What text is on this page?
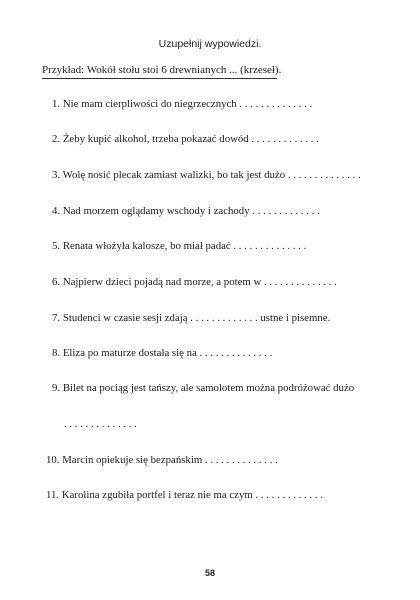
Uzupełnij wypowiedzi.
Przykład: Wokół stołu stoi 6 drewnianych ... (krzeseł).
1. Nie mam cierpliwości do niegrzecznych . . . . . . . . . . . . . .
2. Żeby kupić alkohol, trzeba pokazać dowód . . . . . . . . . . . . .
3. Wolę nosić plecak zamiast walizki, bo tak jest dużo . . . . . . . . . . . . . .
4. Nad morzem oglądamy wschody i zachody . . . . . . . . . . . . .
5. Renata włożyła kalosze, bo miał padać . . . . . . . . . . . . . .
6. Najpierw dzieci pojadą nad morze, a potem w . . . . . . . . . . . . . .
7. Studenci w czasie sesji zdają . . . . . . . . . . . . . ustne i pisemne.
8. Eliza po maturze dostała się na . . . . . . . . . . . . . .
9. Bilet na pociąg jest tańszy, ale samolotem można podróżować dużo
. . . . . . . . . . . . . .
10. Marcin opiekuje się bezpańskim . . . . . . . . . . . . . .
11. Karolina zgubiła portfel i teraz nie ma czym . . . . . . . . . . . . .
58
